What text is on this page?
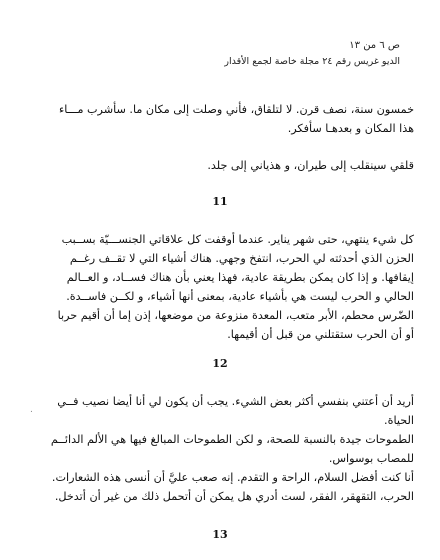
ص ٦ من ١٣
الديو غريس رقم ٢٤ مجلة خاصة لجمع الأقدار
خمسون سنة، نصف قرن. لا لتلقاق، فأني وصلت إلى مكان ما. سأشرب مـــاء
هذا المكان و بعدهـا سأفكر.
قلقي سينقلب إلى طيران، و هذياني إلى جلد.
11
كل شيء ينتهي، حتى شهر يناير. عندما أوقفت كل علاقاتي الجنســـيّة بســبب
الحزن الذي أحدثته لي الحرب، انتفخ وجهي. هناك أشياء التي لا تقــف رغــم
إيقافها. و إذا كان يمكن بطريقة عادية، فهذا يعني بأن هناك فســاد، و العــالم
الحالي و الحرب ليست هي بأشياء عادية، بمعنى أنها أشياء، و لكــن فاســدة.
الضّرس محطم، الأبر متعب، المعدة منزوعة من موضعها، إذن إما أن أقيم حربا
أو أن الحرب ستقتلني من قبل أن أقيمها.
12
أريد أن أعتني بنفسي أكثر بعض الشيء. يجب أن يكون لي أنا أيضا نصيب فــي
الحياة.
الطموحات جيدة بالنسبة للصحة، و لكن الطموحات المبالغ فيها هي الألم الدائــم
للمصاب بوسواس.
أنا كنت أفضل السلام، الراحة و التقدم. إنه صعب عليَّ أن أنسى هذه الشعارات.
الحرب، التقهقر، الفقر، لست أدري هل يمكن أن أتحمل ذلك من غير أن أتدخل.
.
13
